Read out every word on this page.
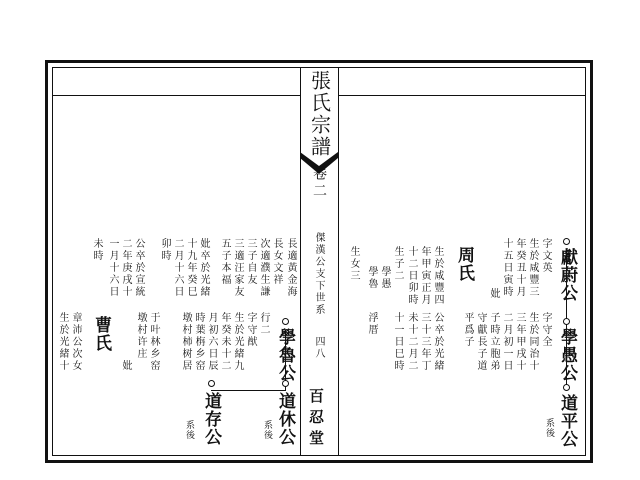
張氏宗譜
卷二
傑漢公支下世系
四八
百忍堂
獻蔚公
學愚公
道平公
系後
字文英
生於咸豐三
年癸丑十月
十五日寅時
妣
字守全
生於同治十
三年甲戌十
二月初一日
子時立胞弟
守獻長子道
平爲子
周氏
生於咸豐四
年甲寅正月
十二日卯時
生子二
學愚
學魯
生女三
公卒於光緒
三十三年丁
未十二月二
十一日巳時
浮厝
學魯公
道休公
道存公	系後
系後
行二
字守猷
生於光緒九
年癸未十二
月初六日辰
時葉栴乡窑
墩村柿树居
于叶林乡窑
墩村许庄
長適黃金海
次適濮生謙
三適汪家友
五子本福
妣卒於光緒
十九年癸巳
二月十六日
卯時	長女文祥
三子自友
公卒於宣統
二年庚戌十
一月十六日
未時
妣
曹氏
章沛公次女
生於光緒十
